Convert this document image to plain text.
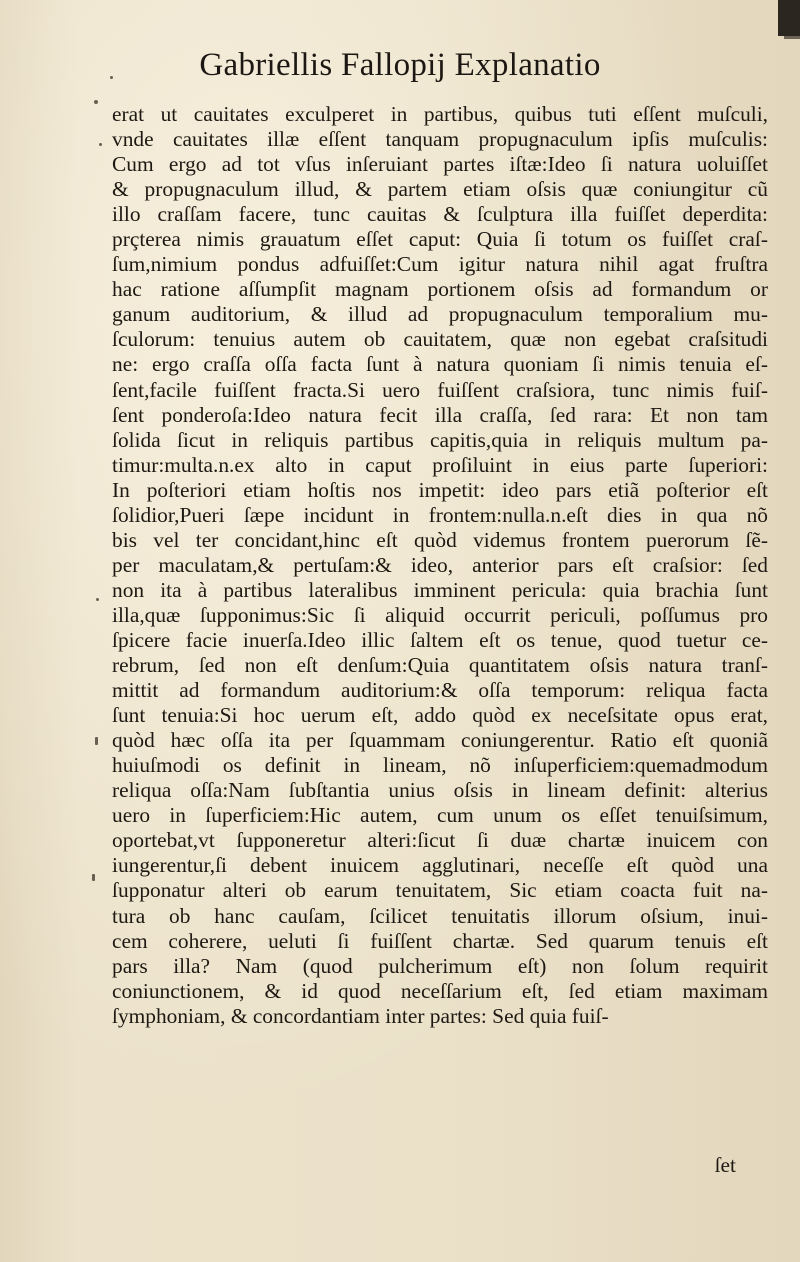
Gabriellis Fallopij Explanatio
erat ut cauitates exculperet in partibus, quibus tuti eſſent muſculi,
vnde cauitates illæ eſſent tanquam propugnaculum ipſis muſculis:
Cum ergo ad tot vſus inſeruiant partes iſtæ:Ideo ſi natura uoluiſſet
& propugnaculum illud, & partem etiam oſsis quæ coniungitur cũ
illo craſſam facere, tunc cauitas & ſculptura illa fuiſſet deperdita:
prçterea nimis grauatum eſſet caput: Quia ſi totum os fuiſſet craſ-
ſum,nimium pondus adfuiſſet:Cum igitur natura nihil agat fruſtra
hac ratione aſſumpſit magnam portionem oſsis ad formandum or
ganum auditorium, & illud ad propugnaculum temporalium mu-
ſculorum: tenuius autem ob cauitatem, quæ non egebat craſsitudi
ne: ergo craſſa oſſa facta ſunt à natura quoniam ſi nimis tenuia eſ-
ſent,facile fuiſſent fracta.Si uero fuiſſent craſsiora, tunc nimis fuiſ-
ſent ponderoſa:Ideo natura fecit illa craſſa, ſed rara: Et non tam
ſolida ſicut in reliquis partibus capitis,quia in reliquis multum pa-
timur:multa.n.ex alto in caput proſiluint in eius parte ſuperiori:
In poſteriori etiam hoſtis nos impetit: ideo pars etiã poſterior eſt
ſolidior,Pueri ſæpe incidunt in frontem:nulla.n.eſt dies in qua nõ
bis vel ter concidant,hinc eſt quòd videmus frontem puerorum ſẽ-
per maculatam,& pertuſam:& ideo, anterior pars eſt craſsior: ſed
non ita à partibus lateralibus imminent pericula: quia brachia ſunt
illa,quæ ſupponimus:Sic ſi aliquid occurrit periculi, poſſumus pro
ſpicere facie inuerſa.Ideo illic ſaltem eſt os tenue, quod tuetur ce-
rebrum, ſed non eſt denſum:Quia quantitatem oſsis natura tranſ-
mittit ad formandum auditorium:& oſſa temporum: reliqua facta
ſunt tenuia:Si hoc uerum eſt, addo quòd ex neceſsitate opus erat,
quòd hæc oſſa ita per ſquammam coniungerentur. Ratio eſt quoniã
huiuſmodi os definit in lineam, nõ inſuperficiem:quemadmodum
reliqua oſſa:Nam ſubſtantia unius oſsis in lineam definit: alterius
uero in ſuperficiem:Hic autem, cum unum os eſſet tenuiſsimum,
oportebat,vt ſupponeretur alteri:ſicut ſi duæ chartæ inuicem con
iungerentur,ſi debent inuicem agglutinari, neceſſe eſt quòd una
ſupponatur alteri ob earum tenuitatem, Sic etiam coacta fuit na-
tura ob hanc cauſam, ſcilicet tenuitatis illorum oſsium, inui-
cem coherere, ueluti ſi fuiſſent chartæ. Sed quarum tenuis eſt
pars illa? Nam (quod pulcherimum eſt) non ſolum requirit
coniunctionem, & id quod neceſſarium eſt, ſed etiam maximam
ſymphoniam, & concordantiam inter partes: Sed quia fuiſ-
ſet
